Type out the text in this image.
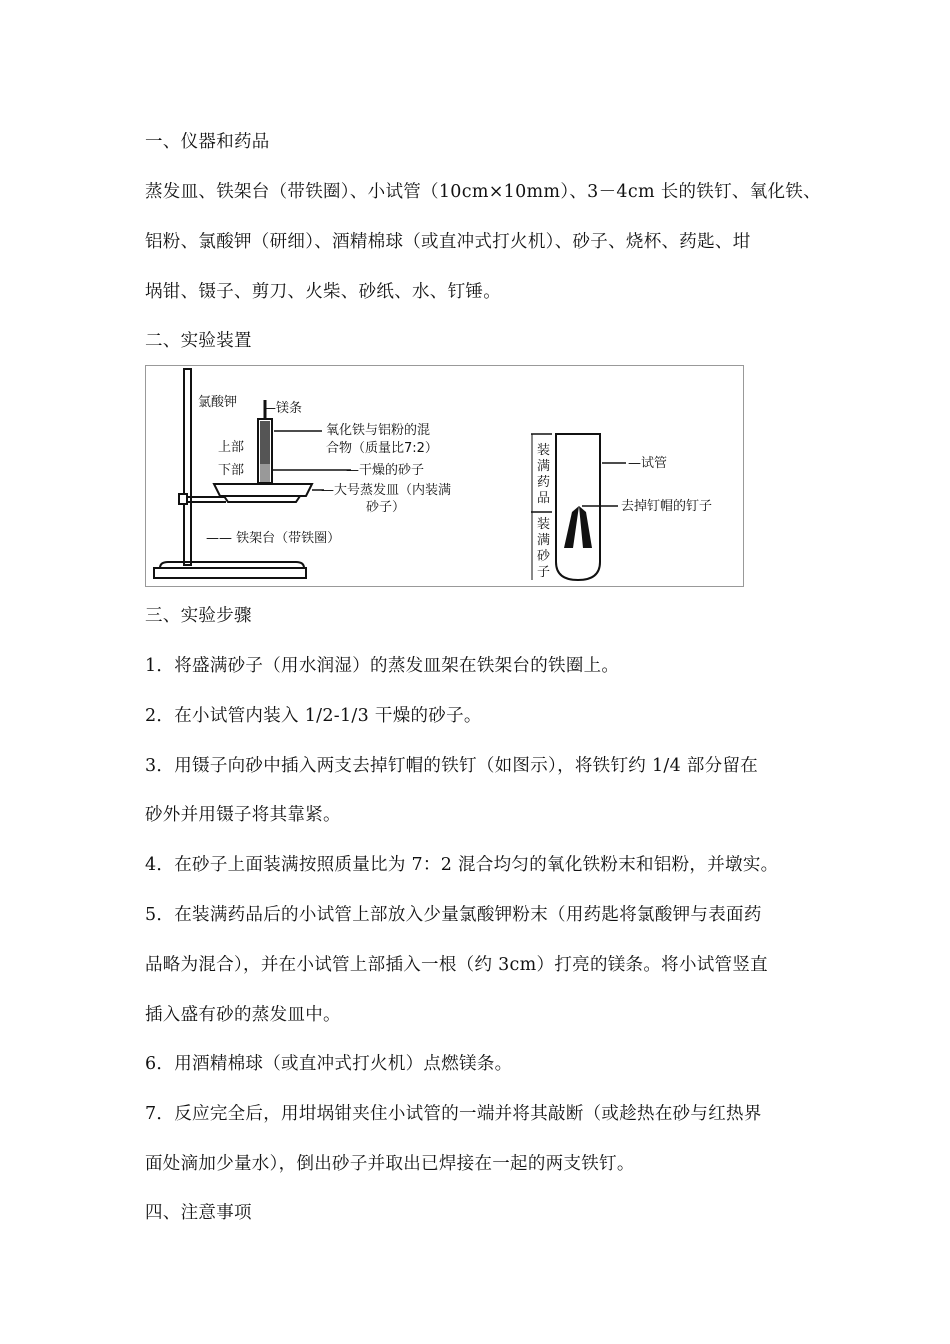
一、仪器和药品
蒸发皿、铁架台（带铁圈）、小试管（10cm×10mm）、3－4cm 长的铁钉、氧化铁、
铝粉、氯酸钾（研细）、酒精棉球（或直冲式打火机）、砂子、烧杯、药匙、坩
埚钳、镊子、剪刀、火柴、砂纸、水、钉锤。
二、实验装置
氯酸钾 —镁条
氧化铁与铝粉的混
合物（质量比7:2）
上部
下部	—干燥的砂子
—大号蒸发皿（内装满
砂子）
—— 铁架台（带铁圈）
装
满
药
品
装
满
砂
子
—试管
去掉钉帽的钉子
三、实验步骤
1．将盛满砂子（用水润湿）的蒸发皿架在铁架台的铁圈上。
2．在小试管内装入 1/2-1/3 干燥的砂子。
3．用镊子向砂中插入两支去掉钉帽的铁钉（如图示），将铁钉约 1/4 部分留在
砂外并用镊子将其靠紧。
4．在砂子上面装满按照质量比为 7：2 混合均匀的氧化铁粉末和铝粉，并墩实。
5．在装满药品后的小试管上部放入少量氯酸钾粉末（用药匙将氯酸钾与表面药
品略为混合），并在小试管上部插入一根（约 3cm）打亮的镁条。将小试管竖直
插入盛有砂的蒸发皿中。
6．用酒精棉球（或直冲式打火机）点燃镁条。
7．反应完全后，用坩埚钳夹住小试管的一端并将其敲断（或趁热在砂与红热界
面处滴加少量水），倒出砂子并取出已焊接在一起的两支铁钉。
四、注意事项
